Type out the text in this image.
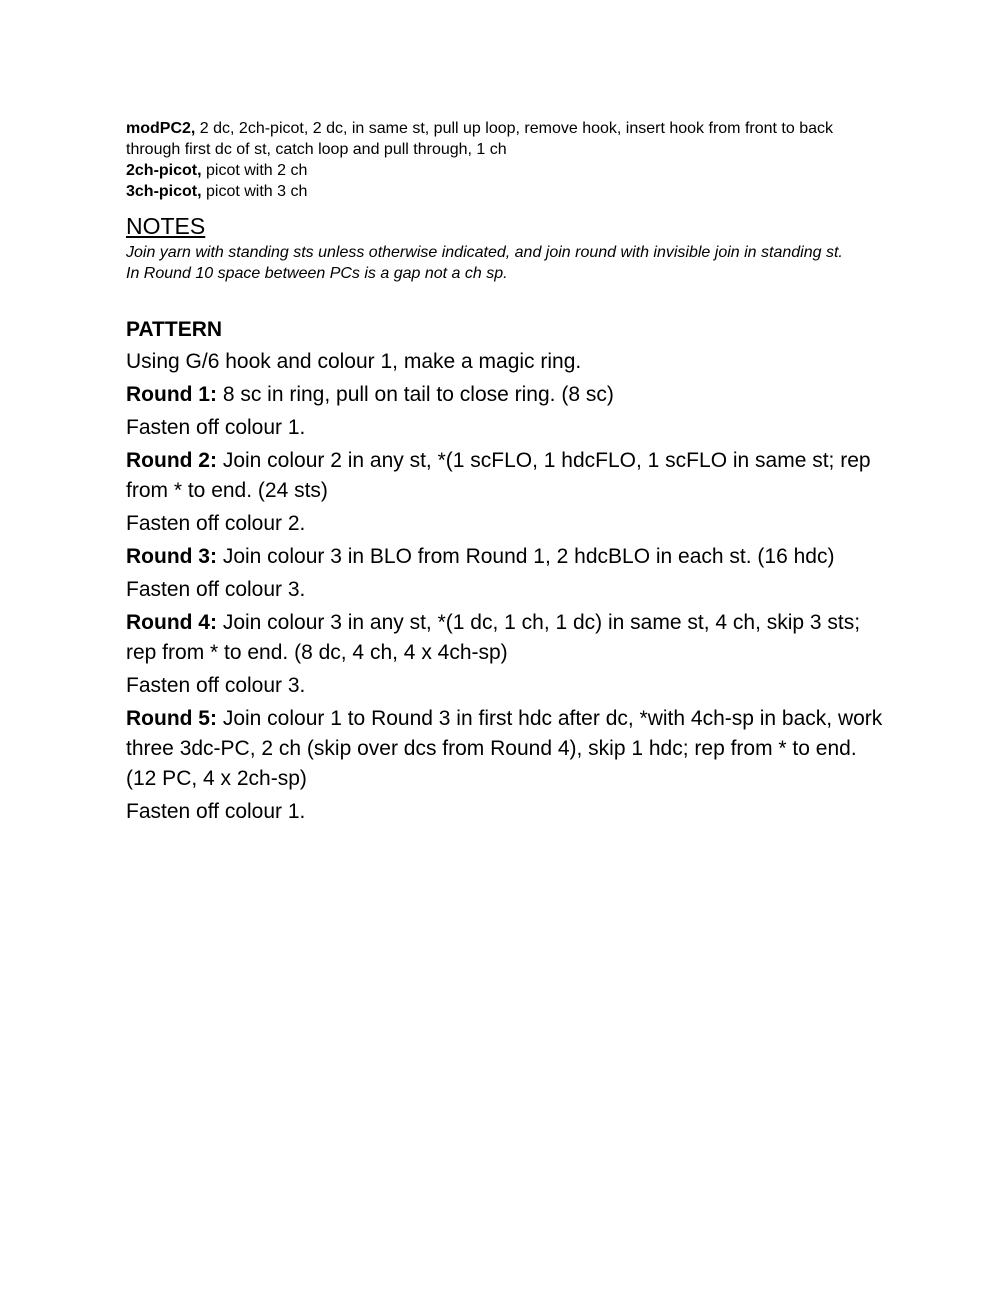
modPC2, 2 dc, 2ch-picot, 2 dc, in same st, pull up loop, remove hook, insert hook from front to back through first dc of st, catch loop and pull through, 1 ch

2ch-picot, picot with 2 ch

3ch-picot, picot with 3 ch

NOTES

Join yarn with standing sts unless otherwise indicated, and join round with invisible join in standing st.

In Round 10 space between PCs is a gap not a ch sp.

PATTERN

Using G/6 hook and colour 1, make a magic ring.

Round 1: 8 sc in ring, pull on tail to close ring. (8 sc)

Fasten off colour 1.

Round 2: Join colour 2 in any st, *(1 scFLO, 1 hdcFLO, 1 scFLO in same st; rep from * to end. (24 sts)

Fasten off colour 2.

Round 3: Join colour 3 in BLO from Round 1, 2 hdcBLO in each st. (16 hdc)

Fasten off colour 3.

Round 4: Join colour 3 in any st, *(1 dc, 1 ch, 1 dc) in same st, 4 ch, skip 3 sts; rep from * to end. (8 dc, 4 ch, 4 x 4ch-sp)

Fasten off colour 3.

Round 5: Join colour 1 to Round 3 in first hdc after dc, *with 4ch-sp in back, work three 3dc-PC, 2 ch (skip over dcs from Round 4), skip 1 hdc; rep from * to end. (12 PC, 4 x 2ch-sp)

Fasten off colour 1.
